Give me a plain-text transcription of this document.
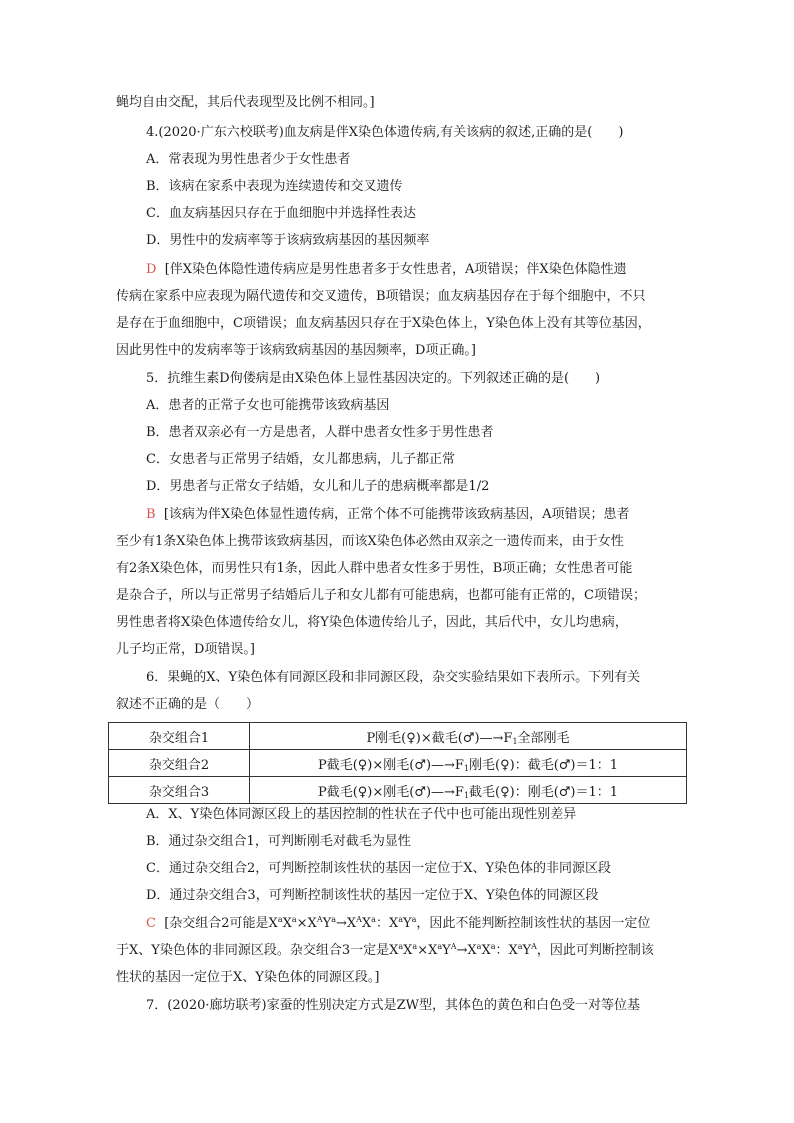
蝇均自由交配，其后代表现型及比例不相同。]
4.(2020·广东六校联考)血友病是伴X染色体遗传病,有关该病的叙述,正确的是(　　)
A．常表现为男性患者少于女性患者
B．该病在家系中表现为连续遗传和交叉遗传
C．血友病基因只存在于血细胞中并选择性表达
D．男性中的发病率等于该病致病基因的基因频率
D [伴X染色体隐性遗传病应是男性患者多于女性患者，A项错误；伴X染色体隐性遗
传病在家系中应表现为隔代遗传和交叉遗传，B项错误；血友病基因存在于每个细胞中，不只
是存在于血细胞中，C项错误；血友病基因只存在于X染色体上，Y染色体上没有其等位基因，
因此男性中的发病率等于该病致病基因的基因频率，D项正确。]
5．抗维生素D佝偻病是由X染色体上显性基因决定的。下列叙述正确的是(　　)
A．患者的正常子女也可能携带该致病基因
B．患者双亲必有一方是患者，人群中患者女性多于男性患者
C．女患者与正常男子结婚，女儿都患病，儿子都正常
D．男患者与正常女子结婚，女儿和儿子的患病概率都是1/2
B [该病为伴X染色体显性遗传病，正常个体不可能携带该致病基因，A项错误；患者
至少有1条X染色体上携带该致病基因，而该X染色体必然由双亲之一遗传而来，由于女性
有2条X染色体，而男性只有1条，因此人群中患者女性多于男性，B项正确；女性患者可能
是杂合子，所以与正常男子结婚后儿子和女儿都有可能患病，也都可能有正常的，C项错误；
男性患者将X染色体遗传给女儿，将Y染色体遗传给儿子，因此，其后代中，女儿均患病，
儿子均正常，D项错误。]
6．果蝇的X、Y染色体有同源区段和非同源区段，杂交实验结果如下表所示。下列有关
叙述不正确的是（　　）
杂交组合1	P刚毛(♀)×截毛$(♂)—\to F_1$全部刚毛
杂交组合2	P截毛(♀)×刚毛$(♂)—\to F_1$刚毛(♀)：截毛(♂)＝1：1
杂交组合3	P截毛(♀)×刚毛$(♂)—\to F_1$截毛(♀)：刚毛(♂)＝1：1
A．X、Y染色体同源区段上的基因控制的性状在子代中也可能出现性别差异
B．通过杂交组合1，可判断刚毛对截毛为显性
C．通过杂交组合2，可判断控制该性状的基因一定位于X、Y染色体的非同源区段
D．通过杂交组合3，可判断控制该性状的基因一定位于X、Y染色体的同源区段
C [杂交组合2可能是$X^aX^a\times X^AY^a\to X^AX^a$：$X^aY^a$，因此不能判断控制该性状的基因一定位
于X、Y染色体的非同源区段。杂交组合3一定是$X^aX^a\times X^aY^A\to X^aX^a$：$X^aY^A$，因此可判断控制该
性状的基因一定位于X、Y染色体的同源区段。]
7．(2020·廊坊联考)家蚕的性别决定方式是ZW型，其体色的黄色和白色受一对等位基
